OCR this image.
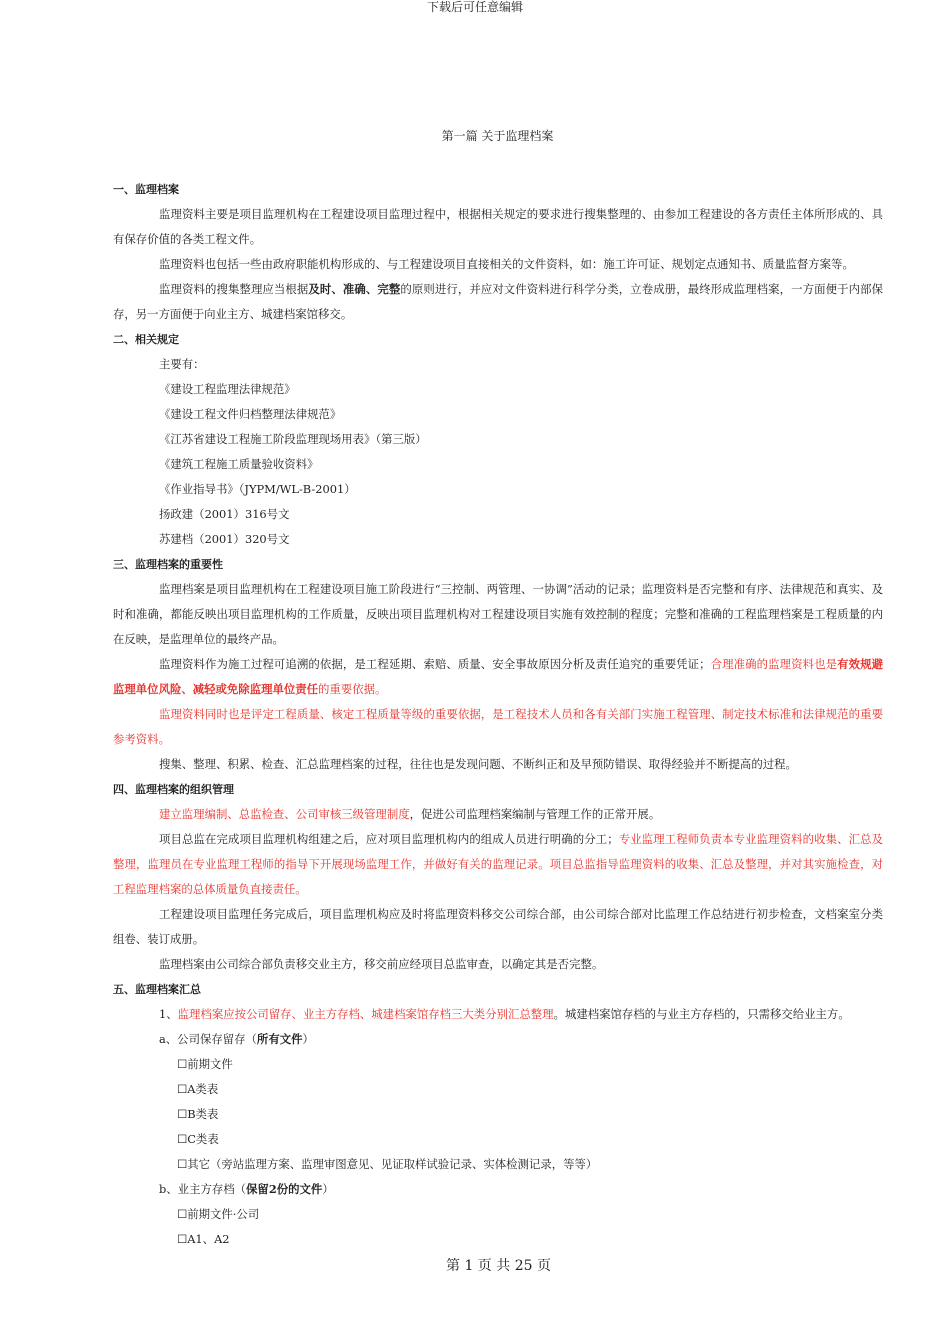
下载后可任意编辑
第一篇 关于监理档案

一、监理档案

监理资料主要是项目监理机构在工程建设项目监理过程中，根据相关规定的要求进行搜集整理的、由参加工程建设的各方责任主体所形成的、具有保存价值的各类工程文件。

监理资料也包括一些由政府职能机构形成的、与工程建设项目直接相关的文件资料，如：施工许可证、规划定点通知书、质量监督方案等。

监理资料的搜集整理应当根据及时、准确、完整的原则进行，并应对文件资料进行科学分类，立卷成册，最终形成监理档案，一方面便于内部保存，另一方面便于向业主方、城建档案馆移交。

二、相关规定

主要有：

《建设工程监理法律规范》

《建设工程文件归档整理法律规范》

《江苏省建设工程施工阶段监理现场用表》（第三版）

《建筑工程施工质量验收资料》

《作业指导书》（JYPM/WL-B-2001）

扬政建（2001）316号文

苏建档（2001）320号文

三、监理档案的重要性

监理档案是项目监理机构在工程建设项目施工阶段进行“三控制、两管理、一协调”活动的记录；监理资料是否完整和有序、法律规范和真实、及时和准确，都能反映出项目监理机构的工作质量，反映出项目监理机构对工程建设项目实施有效控制的程度；完整和准确的工程监理档案是工程质量的内在反映，是监理单位的最终产品。

监理资料作为施工过程可追溯的依据，是工程延期、索赔、质量、安全事故原因分析及责任追究的重要凭证；合理准确的监理资料也是有效规避监理单位风险、减轻或免除监理单位责任的重要依据。

监理资料同时也是评定工程质量、核定工程质量等级的重要依据，是工程技术人员和各有关部门实施工程管理、制定技术标准和法律规范的重要参考资料。

搜集、整理、积累、检查、汇总监理档案的过程，往往也是发现问题、不断纠正和及早预防错误、取得经验并不断提高的过程。

四、监理档案的组织管理

建立监理编制、总监检查、公司审核三级管理制度，促进公司监理档案编制与管理工作的正常开展。

项目总监在完成项目监理机构组建之后，应对项目监理机构内的组成人员进行明确的分工；专业监理工程师负责本专业监理资料的收集、汇总及整理，监理员在专业监理工程师的指导下开展现场监理工作，并做好有关的监理记录。项目总监指导监理资料的收集、汇总及整理，并对其实施检查，对工程监理档案的总体质量负直接责任。

工程建设项目监理任务完成后，项目监理机构应及时将监理资料移交公司综合部，由公司综合部对比监理工作总结进行初步检查，文档案室分类组卷、装订成册。

监理档案由公司综合部负责移交业主方，移交前应经项目总监审查，以确定其是否完整。

五、监理档案汇总

1、监理档案应按公司留存、业主方存档、城建档案馆存档三大类分别汇总整理。城建档案馆存档的与业主方存档的，只需移交给业主方。

a、公司保存留存（所有文件）

☐前期文件

☐A类表

☐B类表

☐C类表

☐其它（旁站监理方案、监理审图意见、见证取样试验记录、实体检测记录，等等）

b、业主方存档（保留2份的文件）

☐前期文件·公司

☐A1、A2

第 1 页 共 25 页
